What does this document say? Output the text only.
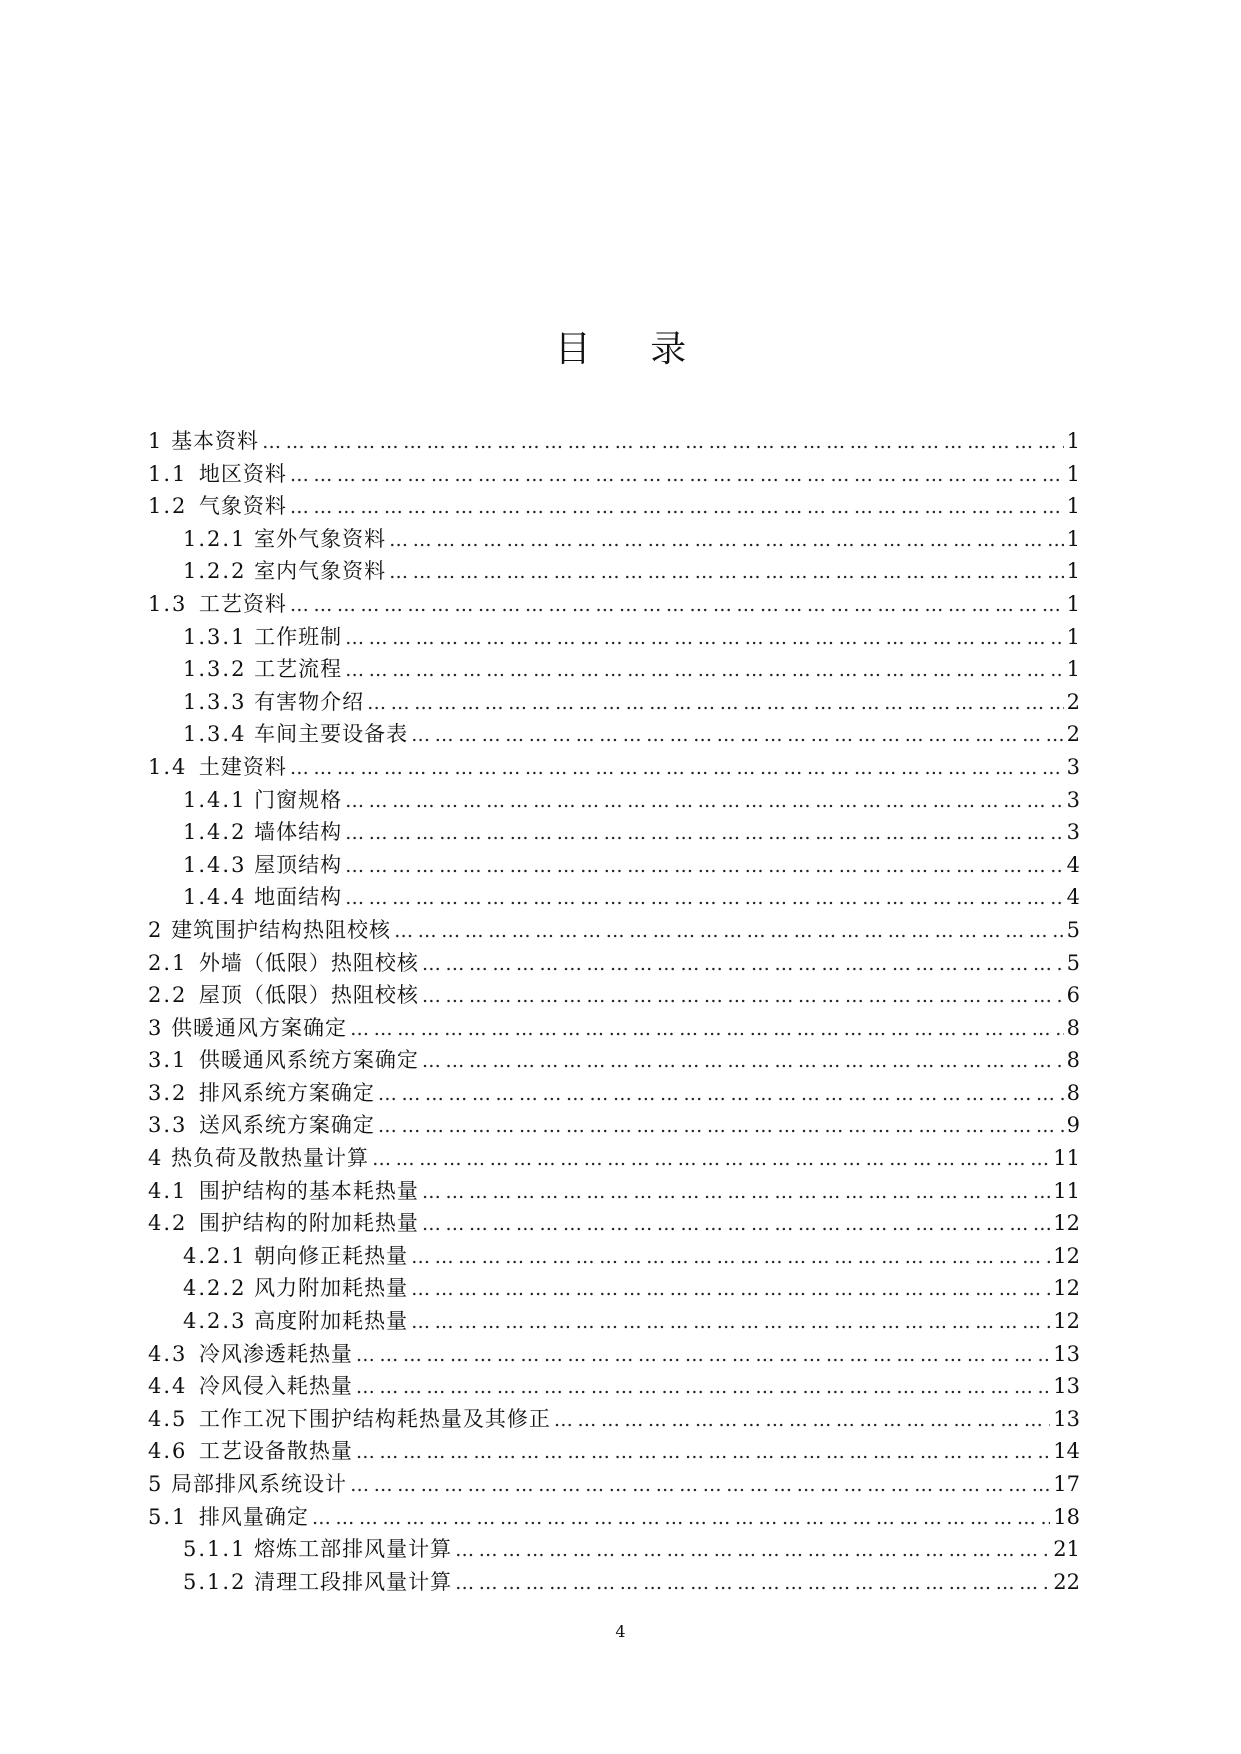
目 录
1 基本资料 ……………………………………………………………………………………………………………………………………………………………………………………………………………………………………	1
1.1  地区资料 ……………………………………………………………………………………………………………………………………………………………………………………………………………………………………	1
1.2  气象资料 ……………………………………………………………………………………………………………………………………………………………………………………………………………………………………	1
1.2.1 室外气象资料 ……………………………………………………………………………………………………………………………………………………………………………………………………………………………………	1
1.2.2 室内气象资料 ……………………………………………………………………………………………………………………………………………………………………………………………………………………………………	1
1.3  工艺资料 ……………………………………………………………………………………………………………………………………………………………………………………………………………………………………	1
1.3.1 工作班制 ……………………………………………………………………………………………………………………………………………………………………………………………………………………………………	1
1.3.2 工艺流程 ……………………………………………………………………………………………………………………………………………………………………………………………………………………………………	1
1.3.3 有害物介绍 ……………………………………………………………………………………………………………………………………………………………………………………………………………………………………	2
1.3.4 车间主要设备表 ……………………………………………………………………………………………………………………………………………………………………………………………………………………………………	2
1.4  土建资料 ……………………………………………………………………………………………………………………………………………………………………………………………………………………………………	3
1.4.1 门窗规格 ……………………………………………………………………………………………………………………………………………………………………………………………………………………………………	3
1.4.2 墙体结构 ……………………………………………………………………………………………………………………………………………………………………………………………………………………………………	3
1.4.3 屋顶结构 ……………………………………………………………………………………………………………………………………………………………………………………………………………………………………	4
1.4.4 地面结构 ……………………………………………………………………………………………………………………………………………………………………………………………………………………………………	4
2 建筑围护结构热阻校核 ……………………………………………………………………………………………………………………………………………………………………………………………………………………………………	5
2.1  外墙（低限）热阻校核 ……………………………………………………………………………………………………………………………………………………………………………………………………………………………………	5
2.2  屋顶（低限）热阻校核 ……………………………………………………………………………………………………………………………………………………………………………………………………………………………………	6
3 供暖通风方案确定 ……………………………………………………………………………………………………………………………………………………………………………………………………………………………………	8
3.1  供暖通风系统方案确定 ……………………………………………………………………………………………………………………………………………………………………………………………………………………………………	8
3.2  排风系统方案确定 ……………………………………………………………………………………………………………………………………………………………………………………………………………………………………	8
3.3  送风系统方案确定 ……………………………………………………………………………………………………………………………………………………………………………………………………………………………………	9
4 热负荷及散热量计算 ……………………………………………………………………………………………………………………………………………………………………………………………………………………………………	11
4.1  围护结构的基本耗热量 ……………………………………………………………………………………………………………………………………………………………………………………………………………………………………	11
4.2  围护结构的附加耗热量 ……………………………………………………………………………………………………………………………………………………………………………………………………………………………………	12
4.2.1 朝向修正耗热量 ……………………………………………………………………………………………………………………………………………………………………………………………………………………………………	12
4.2.2 风力附加耗热量 ……………………………………………………………………………………………………………………………………………………………………………………………………………………………………	12
4.2.3 高度附加耗热量 ……………………………………………………………………………………………………………………………………………………………………………………………………………………………………	12
4.3  冷风渗透耗热量 ……………………………………………………………………………………………………………………………………………………………………………………………………………………………………	13
4.4  冷风侵入耗热量 ……………………………………………………………………………………………………………………………………………………………………………………………………………………………………	13
4.5  工作工况下围护结构耗热量及其修正 ……………………………………………………………………………………………………………………………………………………………………………………………………………………………………	13
4.6  工艺设备散热量 ……………………………………………………………………………………………………………………………………………………………………………………………………………………………………	14
5 局部排风系统设计 ……………………………………………………………………………………………………………………………………………………………………………………………………………………………………	17
5.1  排风量确定 ……………………………………………………………………………………………………………………………………………………………………………………………………………………………………	18
5.1.1 熔炼工部排风量计算 ……………………………………………………………………………………………………………………………………………………………………………………………………………………………………	21
5.1.2 清理工段排风量计算 ……………………………………………………………………………………………………………………………………………………………………………………………………………………………………	22
4
